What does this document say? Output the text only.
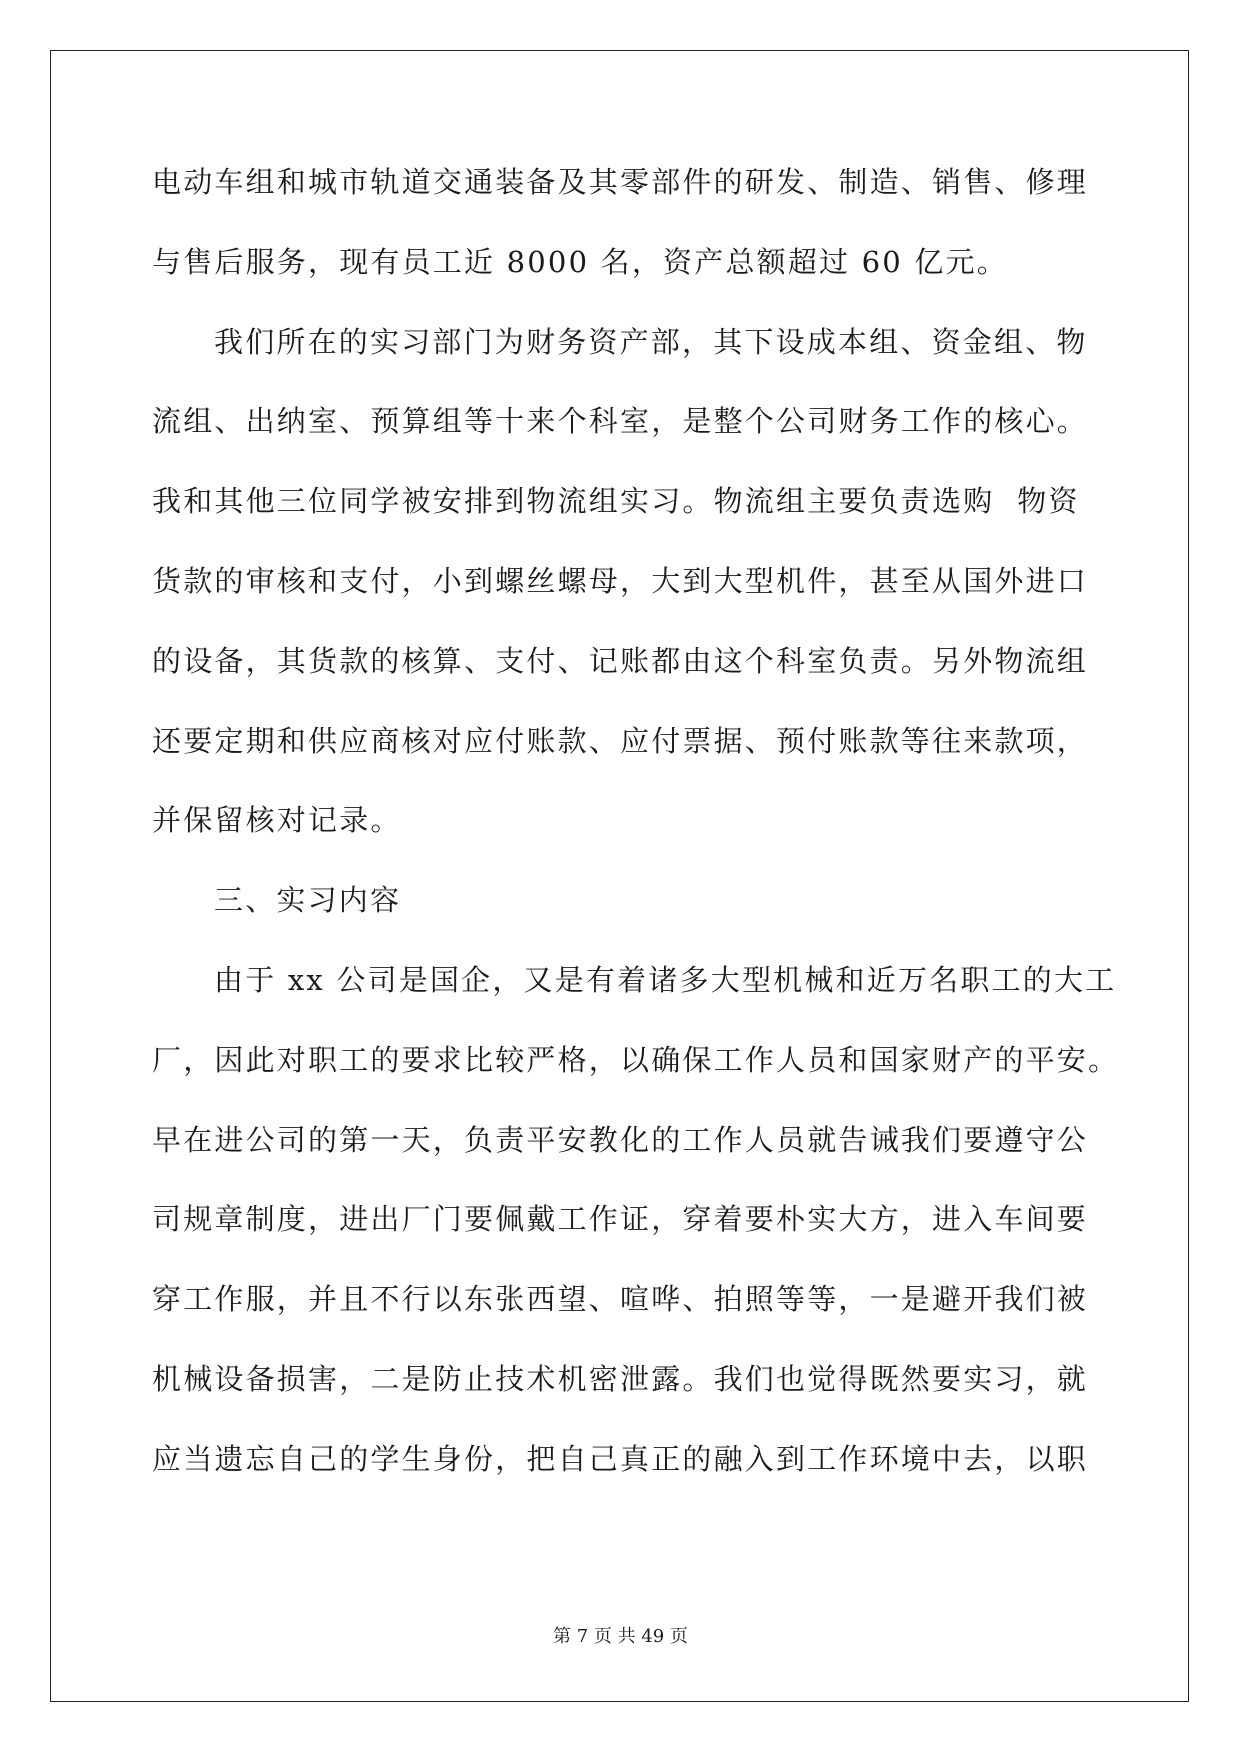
电动车组和城市轨道交通装备及其零部件的研发、制造、销售、修理
与售后服务，现有员工近 8000 名，资产总额超过 60 亿元。
我们所在的实习部门为财务资产部，其下设成本组、资金组、物
流组、出纳室、预算组等十来个科室，是整个公司财务工作的核心。
我和其他三位同学被安排到物流组实习。物流组主要负责选购  物资
货款的审核和支付，小到螺丝螺母，大到大型机件，甚至从国外进口
的设备，其货款的核算、支付、记账都由这个科室负责。另外物流组
还要定期和供应商核对应付账款、应付票据、预付账款等往来款项，
并保留核对记录。
三、实习内容
由于 xx 公司是国企，又是有着诸多大型机械和近万名职工的大工
厂，因此对职工的要求比较严格，以确保工作人员和国家财产的平安。
早在进公司的第一天，负责平安教化的工作人员就告诫我们要遵守公
司规章制度，进出厂门要佩戴工作证，穿着要朴实大方，进入车间要
穿工作服，并且不行以东张西望、喧哗、拍照等等，一是避开我们被
机械设备损害，二是防止技术机密泄露。我们也觉得既然要实习，就
应当遗忘自己的学生身份，把自己真正的融入到工作环境中去，以职
第 7 页 共 49 页
